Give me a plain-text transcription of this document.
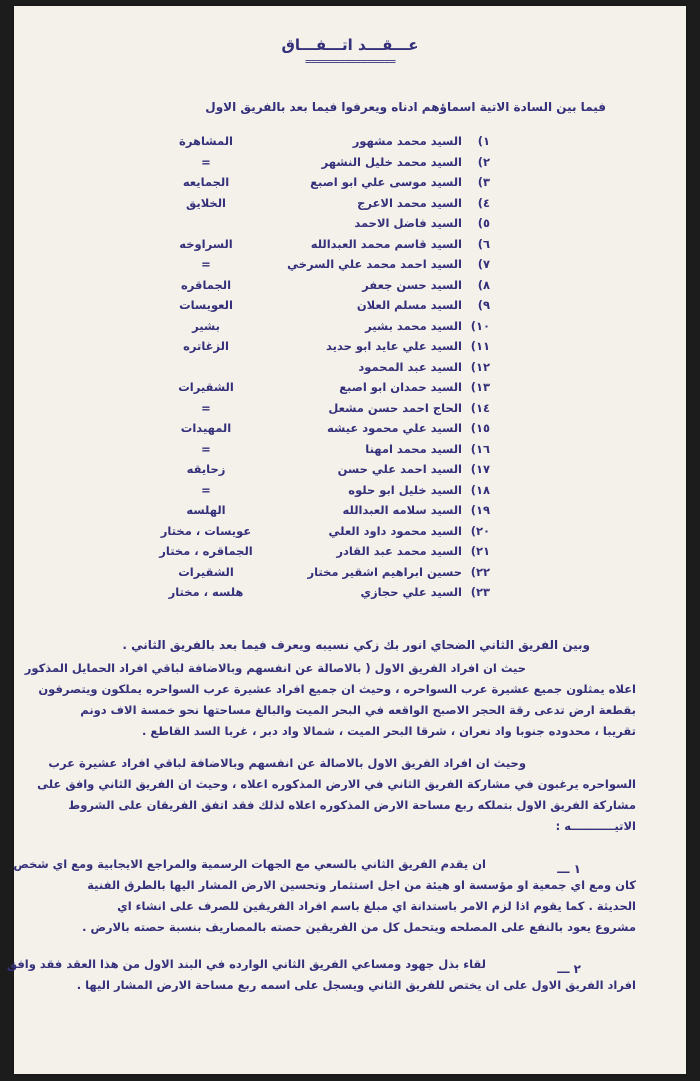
عـــقـــد اتـــفـــاق
================
فيما بين السادة الاتية اسماؤهم ادناه ويعرفوا فيما بعد بالفريق الاول
١)
السيد محمد مشهور
المشاهرة
٢)
السيد محمد خليل النشهر
=
٣)
السيد موسى علي ابو اصبع
الجمايعه
٤)
السيد محمد الاعرج
الخلايق
٥)
السيد فاضل الاحمد
٦)
السيد قاسم محمد العبدالله
السراوخه
٧)
السيد احمد محمد علي السرخي
=
٨)
السيد حسن جعفر
الجماقره
٩)
السيد مسلم العلان
العويسات
١٠)
السيد محمد بشير
بشير
١١)
السيد علي عايد ابو حديد
الزغاتره
١٢)
السيد عبد المحمود
١٣)
السيد حمدان ابو اصبع
الشقيرات
١٤)
الحاج احمد حسن مشعل
=
١٥)
السيد علي محمود عيشه
المهيدات
١٦)
السيد محمد امهنا
=
١٧)
السيد احمد علي حسن
زحايقه
١٨)
السيد خليل ابو حلوه
=
١٩)
السيد سلامه العبدالله
الهلسه
٢٠)
السيد محمود داود العلي
عويسات ، مختار
٢١)
السيد محمد عبد القادر
الجماقره ، مختار
٢٢)
حسين ابراهيم اشقير مختار
الشقيرات
٢٣)
السيد علي حجازي
هلسه ، مختار
وبين الفريق الثاني الضحاي انور بك زكي نسيبه ويعرف فيما بعد بالفريق الثاني .
حيث ان افراد الفريق الاول ( بالاصالة عن انفسهم وبالاضافة لباقي افراد الحمايل المذكور
اعلاه يمثلون جميع عشيرة عرب السواحره ، وحيث ان جميع افراد عشيرة عرب السواحره يملكون ويتصرفون
بقطعة ارض تدعى رقة الحجر الاصبح الواقعه في البحر الميت والبالغ مساحتها نحو خمسة الاف دونم
تقريبا ، محدوده جنوبا واد نعران ، شرقا البحر الميت ، شمالا واد دبر ، غربا السد القاطع .
وحيث ان افراد الفريق الاول بالاصالة عن انفسهم وبالاضافة لباقي افراد عشيرة عرب
السواحره يرغبون في مشاركة الفريق الثاني في الارض المذكوره اعلاه ، وحيث ان الفريق الثاني وافق على
مشاركة الفريق الاول بتملكه ربع مساحة الارض المذكوره اعلاه لذلك فقد اتفق الفريقان على الشروط
الاتيـــــــــــه :
١ ـــ
ان يقدم الفريق الثاني بالسعي مع الجهات الرسمية والمراجع الايجابية ومع اي شخص
كان ومع اي جمعية او مؤسسة او هيئة من اجل استثمار وتحسين الارض المشار اليها بالطرق الفنية
الحديثة . كما يقوم اذا لزم الامر باستدانة اي مبلغ باسم افراد الفريقين للصرف على انشاء اي
مشروع يعود بالنفع على المصلحه ويتحمل كل من الفريقين حصته بالمصاريف بنسبة حصته بالارض .
٢ ـــ
لقاء بذل جهود ومساعي الفريق الثاني الوارده في البند الاول من هذا العقد فقد وافق
افراد الفريق الاول على ان يختص للفريق الثاني ويسجل على اسمه ربع مساحة الارض المشار اليها .
